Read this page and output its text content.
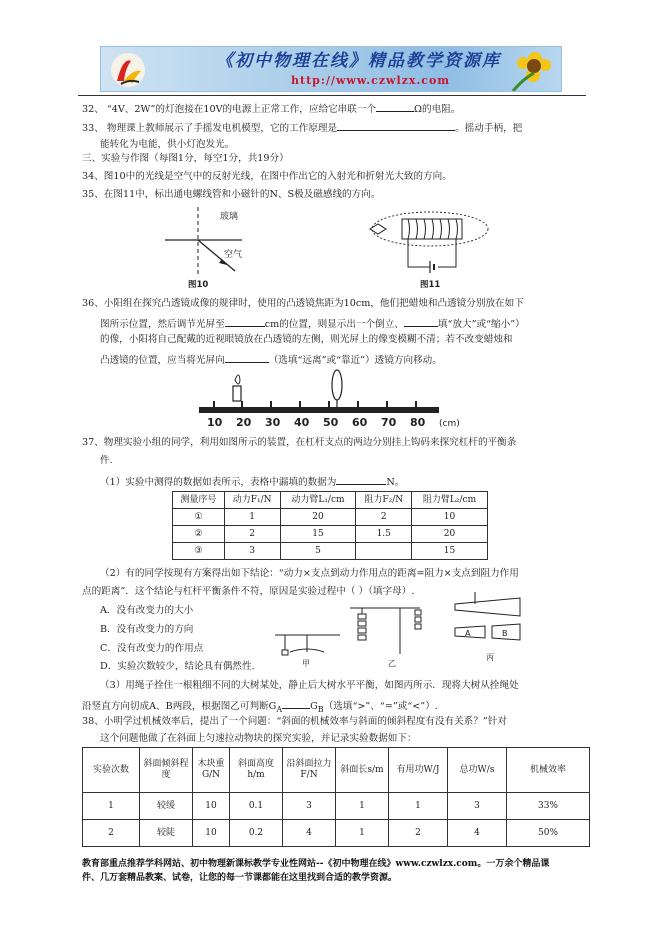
《初中物理在线》精品教学资源库
http://www.czwlzx.com
32、 “4V、2W”的灯泡接在10V的电源上正常工作，应给它串联一个	Ω的电阻。
33、 物理课上教师展示了手摇发电机模型，它的工作原理是	。摇动手柄，把
能转化为电能，供小灯泡发光。
三、实验与作图（每图1分，每空1分，共19分）
34、图10中的光线是空气中的反射光线，在图中作出它的入射光和折射光大致的方向。
35、在图11中，标出通电螺线管和小磁针的N、S极及磁感线的方向。
玻璃
空气
图10	图11
36、小阳组在探究凸透镜成像的规律时，使用的凸透镜焦距为10cm，他们把蜡烛和凸透镜分别放在如下
图所示位置，然后调节光屏至	cm的位置，则显示出一个倒立、	填“放大”或“缩小”）
的像，小阳将自己配戴的近视眼镜放在凸透镜的左侧，则光屏上的像变模糊不清；若不改变蜡烛和
凸透镜的位置，应当将光屏向	（选填“远离”或“靠近”）透镜方向移动。
10 20 30 40 50 60 70 80 (cm)
37、物理实验小组的同学，利用如图所示的装置，在杠杆支点的两边分别挂上钩码来探究杠杆的平衡条
件.
（1）实验中测得的数据如表所示，表格中漏填的数据为	N。
测量序号	动力F₁/N	动力臂L₁/cm	阻力F₂/N	阻力臂L₂/cm
①	1	20	2	10
②	2	15	1.5	20
③	3	5		15
（2）有的同学按现有方案得出如下结论：“动力×支点到动力作用点的距离=阻力×支点到阻力作用
点的距离”．这个结论与杠杆平衡条件不符，原因是实验过程中（ ）（填字母）.
A．没有改变力的大小
B．没有改变力的方向
C．没有改变力的作用点
D．实验次数较少，结论具有偶然性.	甲	乙
丙
A	B
（3）用绳子拴住一根粗细不同的大树某处，静止后大树水平平衡，如图丙所示．现将大树从拴绳处
沿竖直方向切成A、B两段，根据图乙可判断$G_A$	$G_B$（选填“>”、“=”或“<”）.
38、小明学过机械效率后，提出了一个问题：“斜面的机械效率与斜面的倾斜程度有没有关系？”针对
这个问题他做了在斜面上匀速拉动物块的探究实验，并记录实验数据如下：
实验次数	斜面倾斜程度	木块重G/N	斜面高度h/m	沿斜面拉力F/N	斜面长s/m	有用功W/J	总功W/s	机械效率
1	较缓	10	0.1	3	1	1	3	33%
2	较陡	10	0.2	4	1	2	4	50%
教育部重点推荐学科网站、初中物理新课标教学专业性网站--《初中物理在线》www.czwlzx.com。一万余个精品课
件、几万套精品教案、试卷，让您的每一节课都能在这里找到合适的教学资源。
